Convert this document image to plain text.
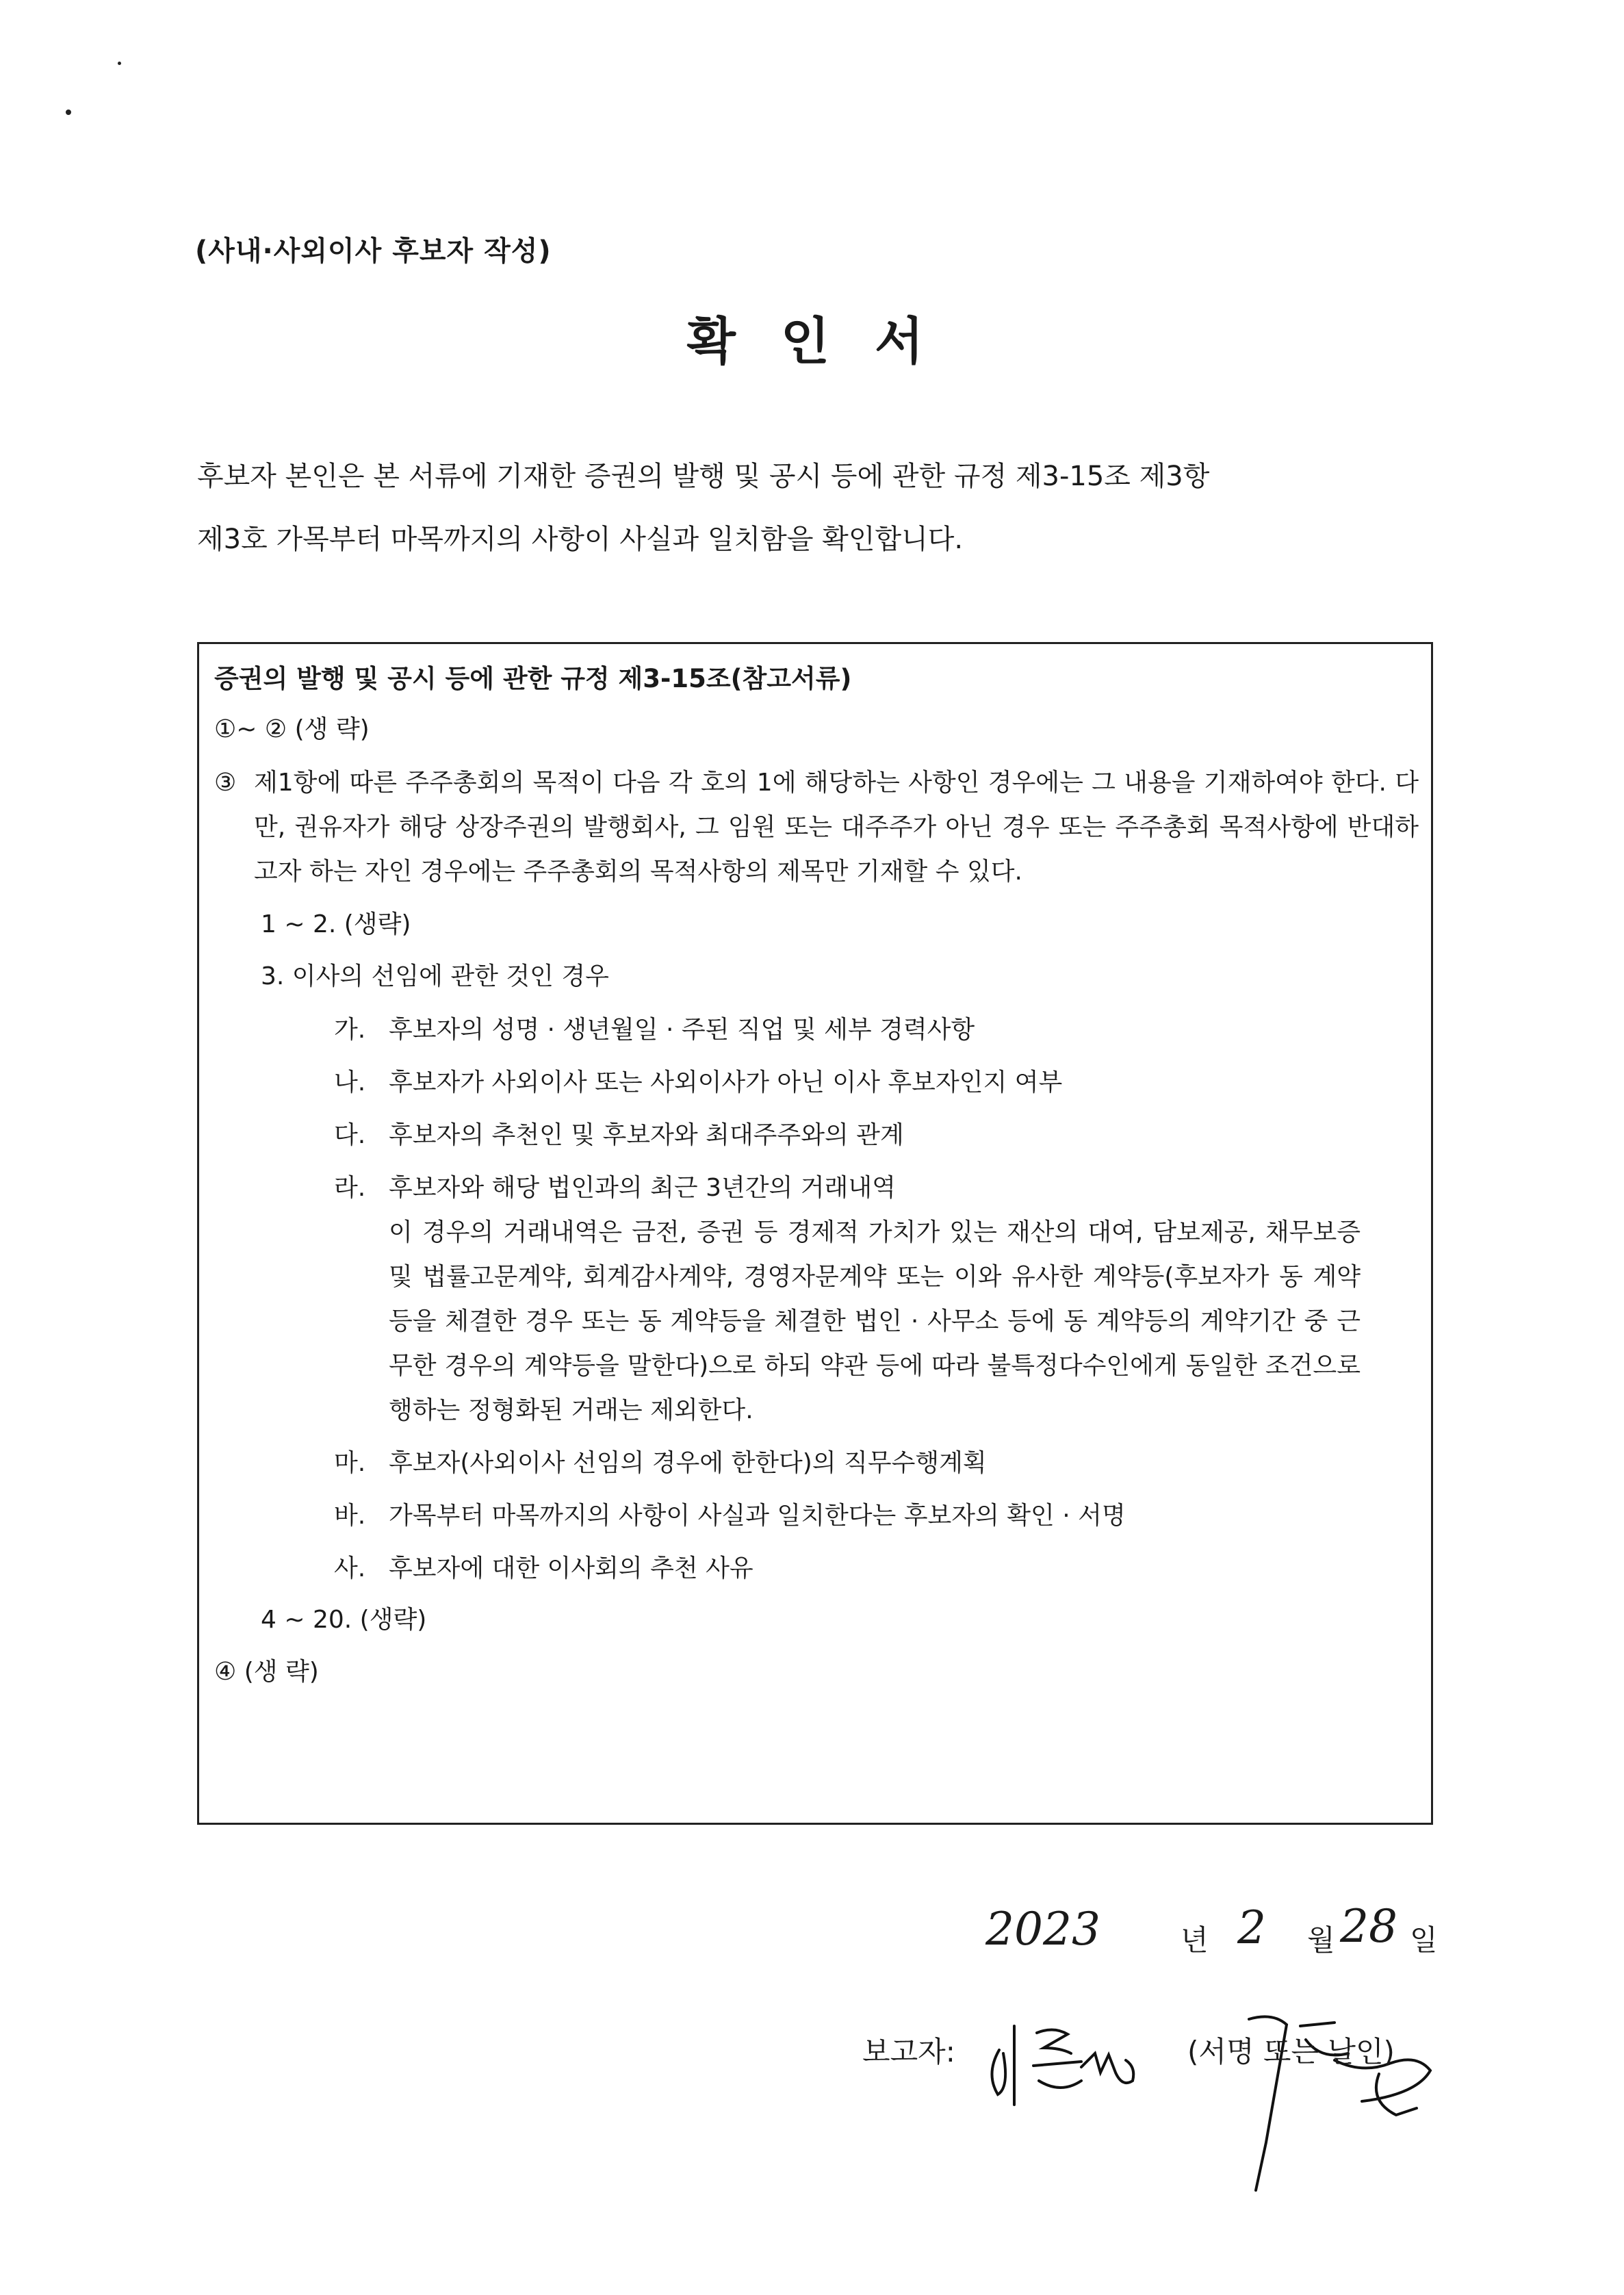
(사내·사외이사 후보자 작성)
확 인 서
후보자 본인은 본 서류에 기재한 증권의 발행 및 공시 등에 관한 규정 제3-15조 제3항
제3호 가목부터 마목까지의 사항이 사실과 일치함을 확인합니다.
증권의 발행 및 공시 등에 관한 규정 제3-15조(참고서류)
①~ ② (생 략)
③ 제1항에 따른 주주총회의 목적이 다음 각 호의 1에 해당하는 사항인 경우에는 그 내용을 기재하여야 한다. 다만, 권유자가 해당 상장주권의 발행회사, 그 임원 또는 대주주가 아닌 경우 또는 주주총회 목적사항에 반대하고자 하는 자인 경우에는 주주총회의 목적사항의 제목만 기재할 수 있다.
1 ~ 2. (생략)
3. 이사의 선임에 관한 것인 경우
가. 후보자의 성명 · 생년월일 · 주된 직업 및 세부 경력사항
나. 후보자가 사외이사 또는 사외이사가 아닌 이사 후보자인지 여부
다. 후보자의 추천인 및 후보자와 최대주주와의 관계
라. 후보자와 해당 법인과의 최근 3년간의 거래내역
이 경우의 거래내역은 금전, 증권 등 경제적 가치가 있는 재산의 대여, 담보제공, 채무보증 및 법률고문계약, 회계감사계약, 경영자문계약 또는 이와 유사한 계약등(후보자가 동 계약등을 체결한 경우 또는 동 계약등을 체결한 법인 · 사무소 등에 동 계약등의 계약기간 중 근무한 경우의 계약등을 말한다)으로 하되 약관 등에 따라 불특정다수인에게 동일한 조건으로 행하는 정형화된 거래는 제외한다.
마. 후보자(사외이사 선임의 경우에 한한다)의 직무수행계획
바. 가목부터 마목까지의 사항이 사실과 일치한다는 후보자의 확인 · 서명
사. 후보자에 대한 이사회의 추천 사유
4 ~ 20. (생략)
④ (생 략)
2023	년 2 월 28 일
보고자:	(서명 또는 날인)
